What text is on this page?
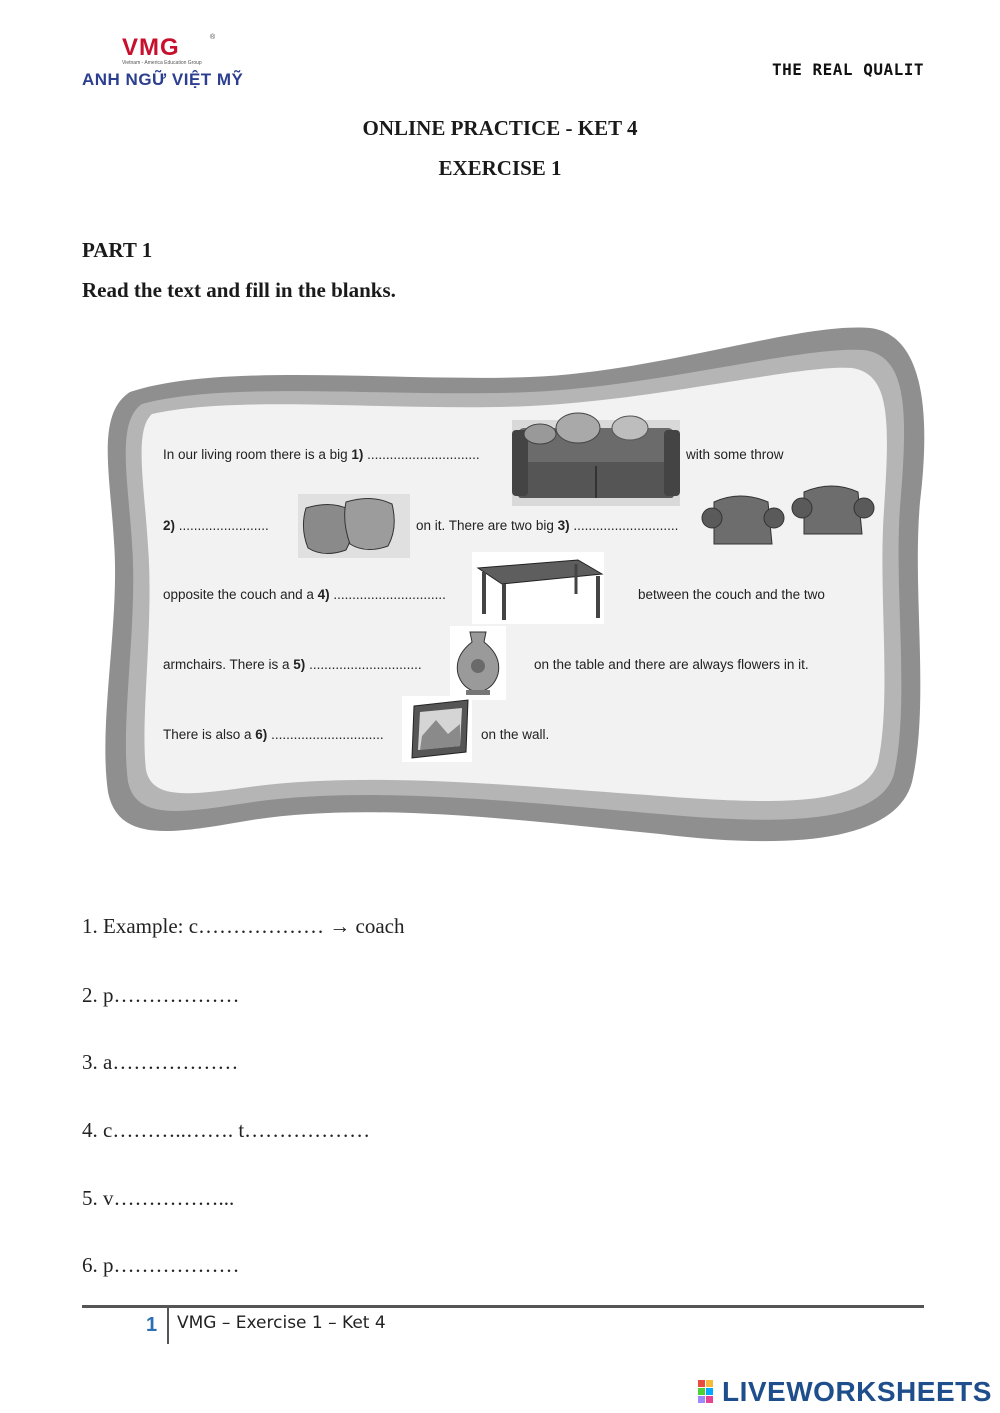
VMG	®
Vietnam - America Education Group
ANH NGỮ VIỆT MỸ
THE REAL QUALIT
ONLINE PRACTICE - KET 4
EXERCISE 1
PART 1
Read the text and fill in the blanks.
In our living room there is a big 1) ..............................	with some throw
2) ........................	on it. There are two big 3) ............................
opposite the couch and a 4) ..............................	between the couch and the two
armchairs. There is a 5) ..............................	on the table and there are always flowers in it.
There is also a 6) ..............................	on the wall.
1. Example: c……………… → coach
2. p………………
3. a………………
4. c………..……. t………………
5. v……………...
6. p………………
1 VMG – Exercise 1 – Ket 4
LIVEWORKSHEETS
